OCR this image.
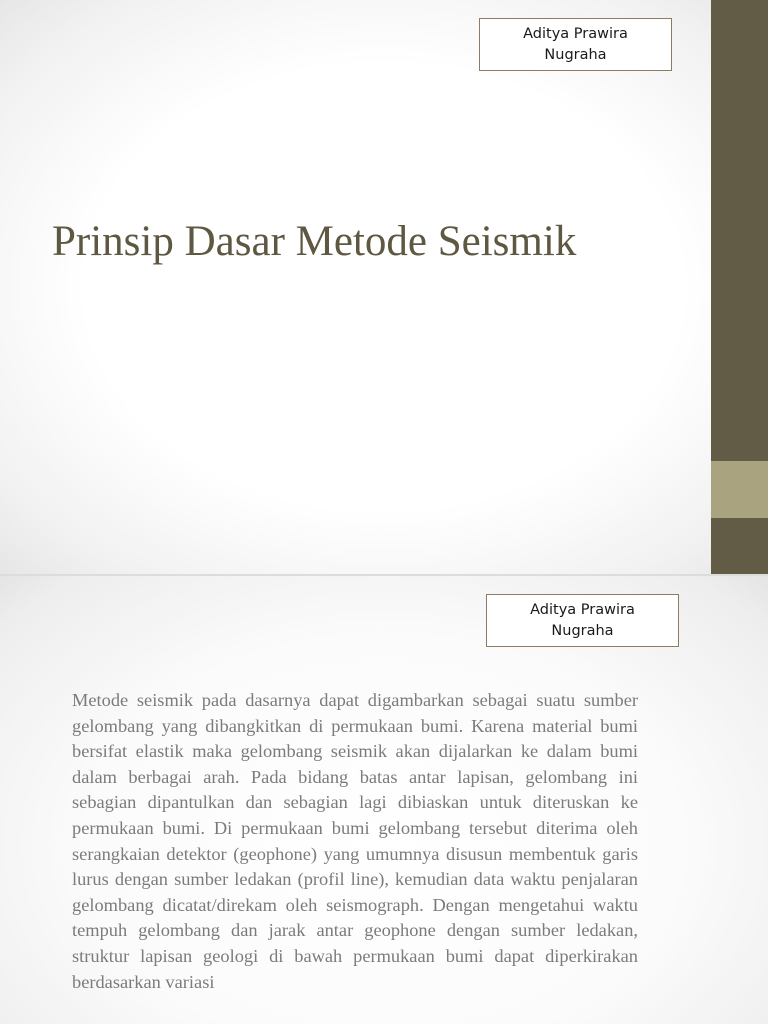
Aditya Prawira
Nugraha
Prinsip Dasar Metode Seismik
Aditya Prawira
Nugraha

Metode seismik pada dasarnya dapat digambarkan sebagai suatu sumber gelombang yang dibangkitkan di permukaan bumi. Karena material bumi bersifat elastik maka gelombang seismik akan dijalarkan ke dalam bumi dalam berbagai arah. Pada bidang batas antar lapisan, gelombang ini sebagian dipantulkan dan sebagian lagi dibiaskan untuk diteruskan ke permukaan bumi. Di permukaan bumi gelombang tersebut diterima oleh serangkaian detektor (geophone) yang umumnya disusun membentuk garis lurus dengan sumber ledakan (profil line), kemudian data waktu penjalaran gelombang dicatat/direkam oleh seismograph. Dengan mengetahui waktu tempuh gelombang dan jarak antar geophone dengan sumber ledakan, struktur lapisan geologi di bawah permukaan bumi dapat diperkirakan berdasarkan variasi
